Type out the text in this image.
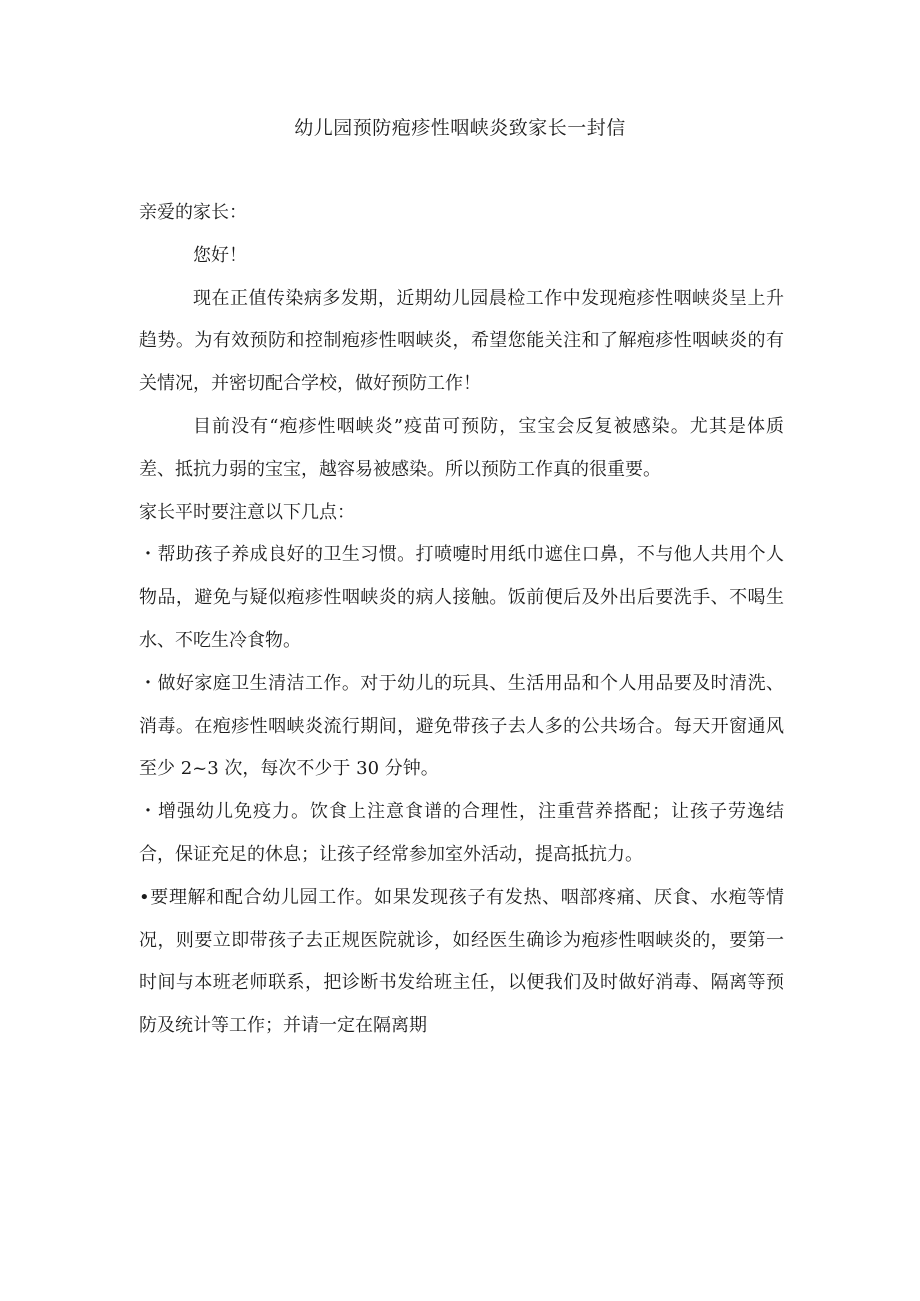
幼儿园预防疱疹性咽峡炎致家长一封信

亲爱的家长：

您好！

现在正值传染病多发期，近期幼儿园晨检工作中发现疱疹性咽峡炎呈上升趋势。为有效预防和控制疱疹性咽峡炎，希望您能关注和了解疱疹性咽峡炎的有关情况，并密切配合学校，做好预防工作！

目前没有“疱疹性咽峡炎”疫苗可预防，宝宝会反复被感染。尤其是体质差、抵抗力弱的宝宝，越容易被感染。所以预防工作真的很重要。

家长平时要注意以下几点：

・帮助孩子养成良好的卫生习惯。打喷嚏时用纸巾遮住口鼻，不与他人共用个人物品，避免与疑似疱疹性咽峡炎的病人接触。饭前便后及外出后要洗手、不喝生水、不吃生冷食物。

・做好家庭卫生清洁工作。对于幼儿的玩具、生活用品和个人用品要及时清洗、消毒。在疱疹性咽峡炎流行期间，避免带孩子去人多的公共场合。每天开窗通风至少 2~3 次，每次不少于 30 分钟。

・增强幼儿免疫力。饮食上注意食谱的合理性，注重营养搭配；让孩子劳逸结合，保证充足的休息；让孩子经常参加室外活动，提高抵抗力。

•要理解和配合幼儿园工作。如果发现孩子有发热、咽部疼痛、厌食、水疱等情况，则要立即带孩子去正规医院就诊，如经医生确诊为疱疹性咽峡炎的，要第一时间与本班老师联系，把诊断书发给班主任，以便我们及时做好消毒、隔离等预防及统计等工作；并请一定在隔离期
